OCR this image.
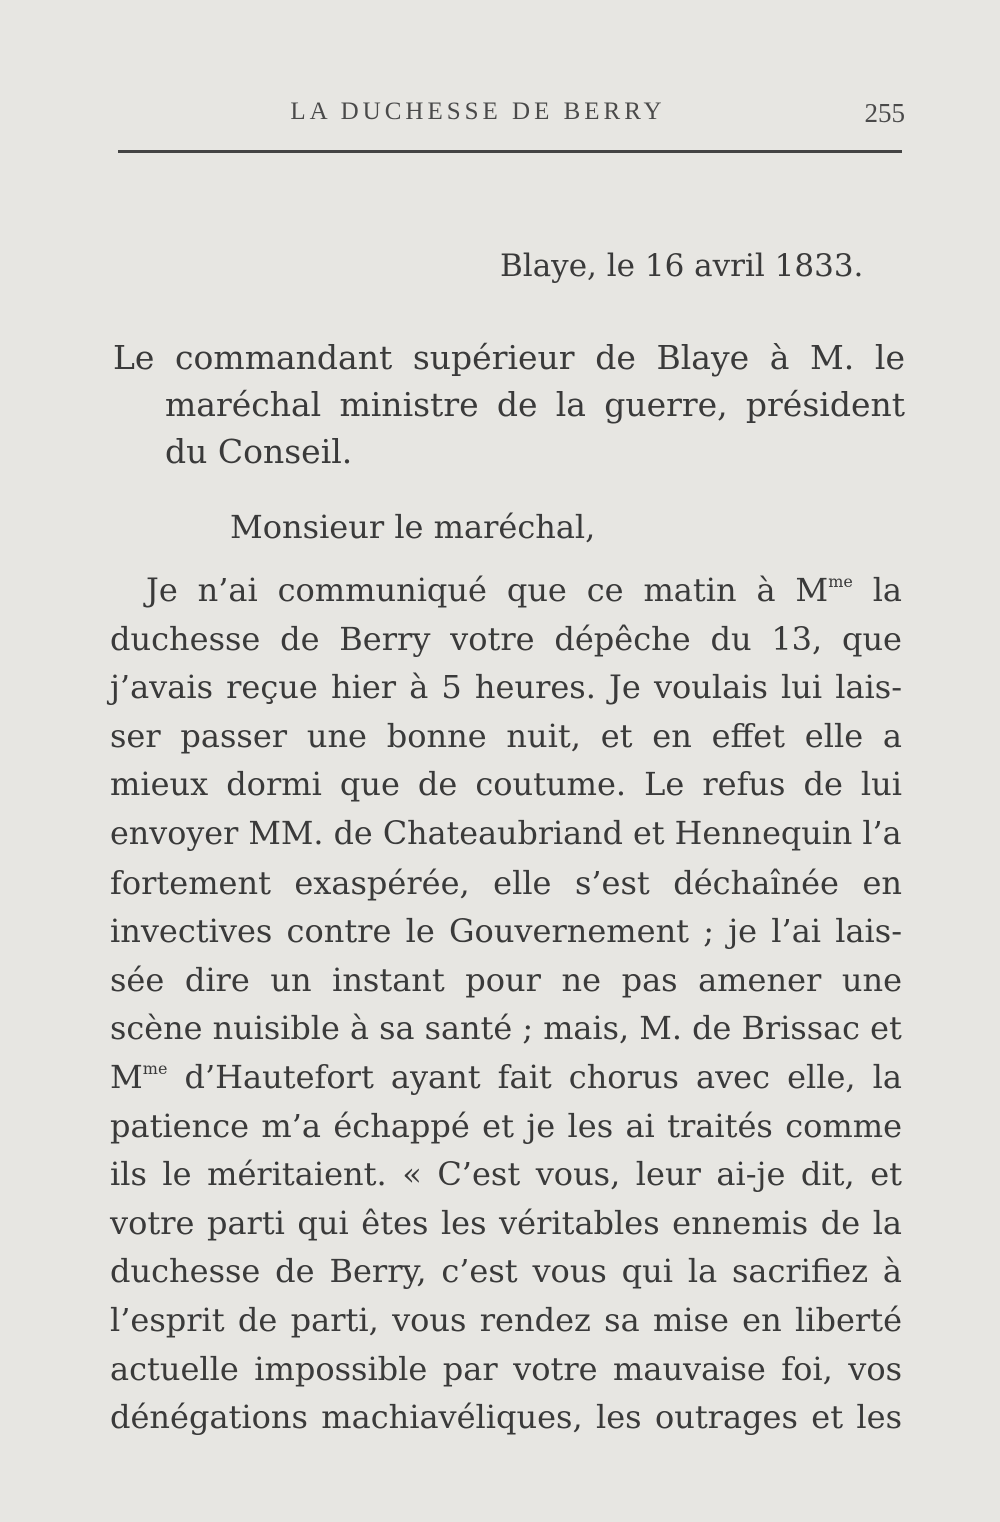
LA DUCHESSE DE BERRY	255
Blaye, le 16 avril 1833.
Le commandant supérieur de Blaye à M. le
maréchal ministre de la guerre, président
du Conseil.
Monsieur le maréchal,
Je n’ai communiqué que ce matin à $M^{me}$ la
duchesse de Berry votre dépêche du 13, que
j’avais reçue hier à 5 heures. Je voulais lui lais-
ser passer une bonne nuit, et en effet elle a
mieux dormi que de coutume. Le refus de lui
envoyer MM. de Chateaubriand et Hennequin l’a
fortement exaspérée, elle s’est déchaînée en
invectives contre le Gouvernement ; je l’ai lais-
sée dire un instant pour ne pas amener une
scène nuisible à sa santé ; mais, M. de Brissac et
$M^{me}$ d’Hautefort ayant fait chorus avec elle, la
patience m’a échappé et je les ai traités comme
ils le méritaient. « C’est vous, leur ai-je dit, et
votre parti qui êtes les véritables ennemis de la
duchesse de Berry, c’est vous qui la sacrifiez à
l’esprit de parti, vous rendez sa mise en liberté
actuelle impossible par votre mauvaise foi, vos
dénégations machiavéliques, les outrages et les
